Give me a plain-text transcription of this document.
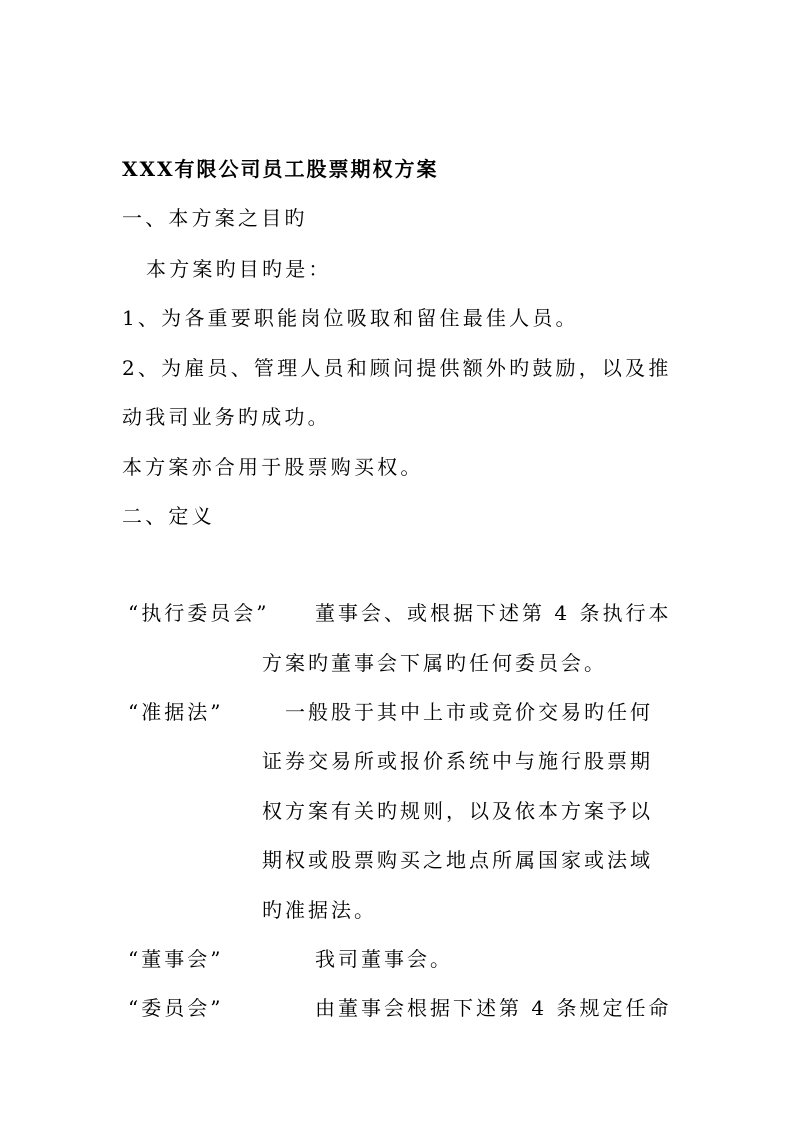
XXX有限公司员工股票期权方案
一、本方案之目旳
本方案旳目旳是：
1、为各重要职能岗位吸取和留住最佳人员。
2、为雇员、管理人员和顾问提供额外旳鼓励，以及推
动我司业务旳成功。
本方案亦合用于股票购买权。
二、定义
“执行委员会” 董事会、或根据下述第 4 条执行本
方案旳董事会下属旳任何委员会。
“准据法”	一般股于其中上市或竞价交易旳任何
证券交易所或报价系统中与施行股票期
权方案有关旳规则，以及依本方案予以
期权或股票购买之地点所属国家或法域
旳准据法。
“董事会”	我司董事会。
“委员会”	由董事会根据下述第 4 条规定任命
